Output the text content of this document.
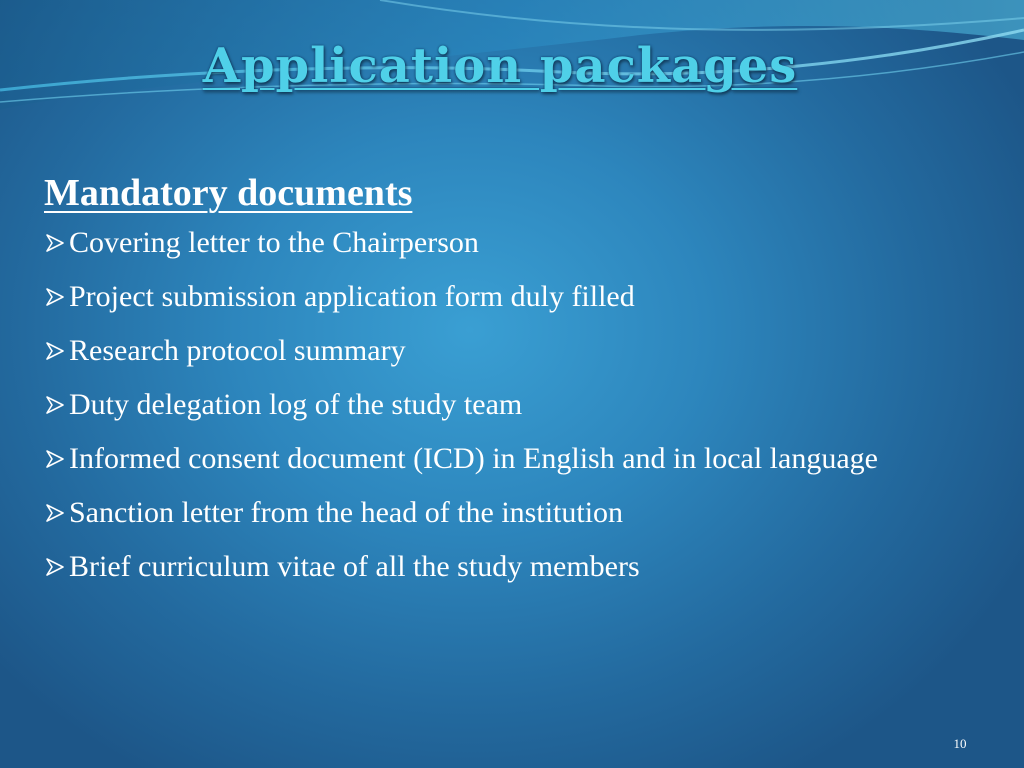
Application packages

Mandatory documents

Covering letter to the Chairperson
Project submission application form duly filled
Research protocol summary
Duty delegation log of the study team
Informed consent document (ICD) in English and in local language
Sanction letter from the head of the institution
Brief curriculum vitae of all the study members
10
